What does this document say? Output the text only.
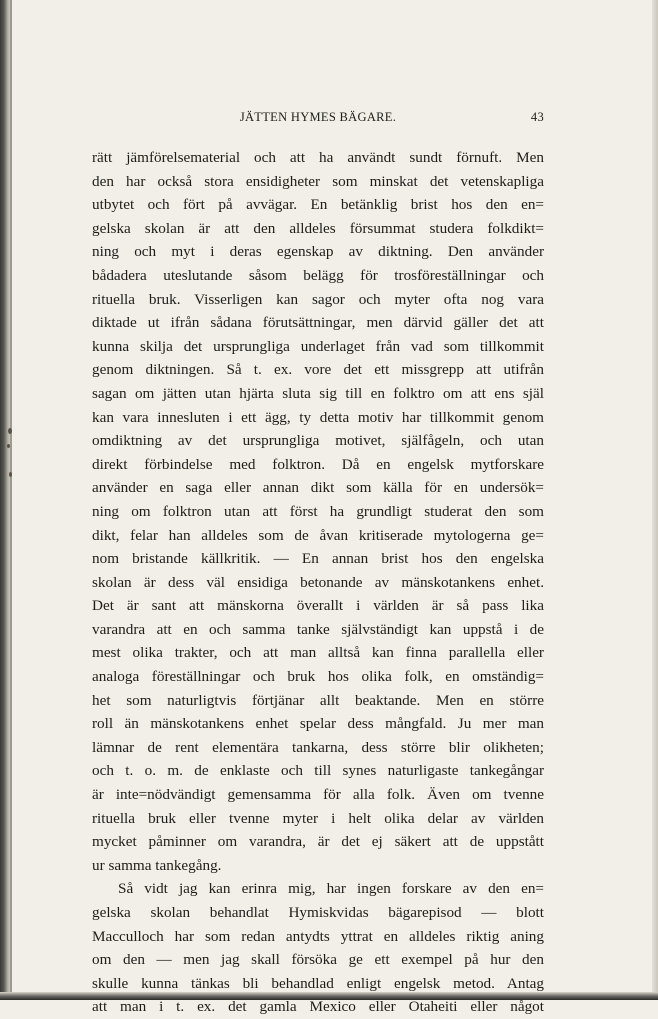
JÄTTEN HYMES BÄGARE.	43
rätt jämförelsematerial och att ha användt sundt förnuft. Men
den har också stora ensidigheter som minskat det vetenskapliga
utbytet och fört på avvägar. En betänklig brist hos den en=
gelska skolan är att den alldeles försummat studera folkdikt=
ning och myt i deras egenskap av diktning. Den använder
bådadera uteslutande såsom belägg för trosföreställningar och
rituella bruk. Visserligen kan sagor och myter ofta nog vara
diktade ut ifrån sådana förutsättningar, men därvid gäller det att
kunna skilja det ursprungliga underlaget från vad som tillkommit
genom diktningen. Så t. ex. vore det ett missgrepp att utifrån
sagan om jätten utan hjärta sluta sig till en folktro om att ens själ
kan vara innesluten i ett ägg, ty detta motiv har tillkommit genom
omdiktning av det ursprungliga motivet, själfågeln, och utan
direkt förbindelse med folktron. Då en engelsk mytforskare
använder en saga eller annan dikt som källa för en undersök=
ning om folktron utan att först ha grundligt studerat den som
dikt, felar han alldeles som de åvan kritiserade mytologerna ge=
nom bristande källkritik. — En annan brist hos den engelska
skolan är dess väl ensidiga betonande av mänskotankens enhet.
Det är sant att mänskorna överallt i världen är så pass lika
varandra att en och samma tanke självständigt kan uppstå i de
mest olika trakter, och att man alltså kan finna parallella eller
analoga föreställningar och bruk hos olika folk, en omständig=
het som naturligtvis förtjänar allt beaktande. Men en större
roll än mänskotankens enhet spelar dess mångfald. Ju mer man
lämnar de rent elementära tankarna, dess större blir olikheten;
och t. o. m. de enklaste och till synes naturligaste tankegångar
är inte=nödvändigt gemensamma för alla folk. Även om tvenne
rituella bruk eller tvenne myter i helt olika delar av världen
mycket påminner om varandra, är det ej säkert att de uppstått
ur samma tankegång.
Så vidt jag kan erinra mig, har ingen forskare av den en=
gelska skolan behandlat Hymiskvidas bägarepisod — blott
Macculloch har som redan antydts yttrat en alldeles riktig aning
om den — men jag skall försöka ge ett exempel på hur den
skulle kunna tänkas bli behandlad enligt engelsk metod. Antag
att man i t. ex. det gamla Mexico eller Otaheiti eller något
